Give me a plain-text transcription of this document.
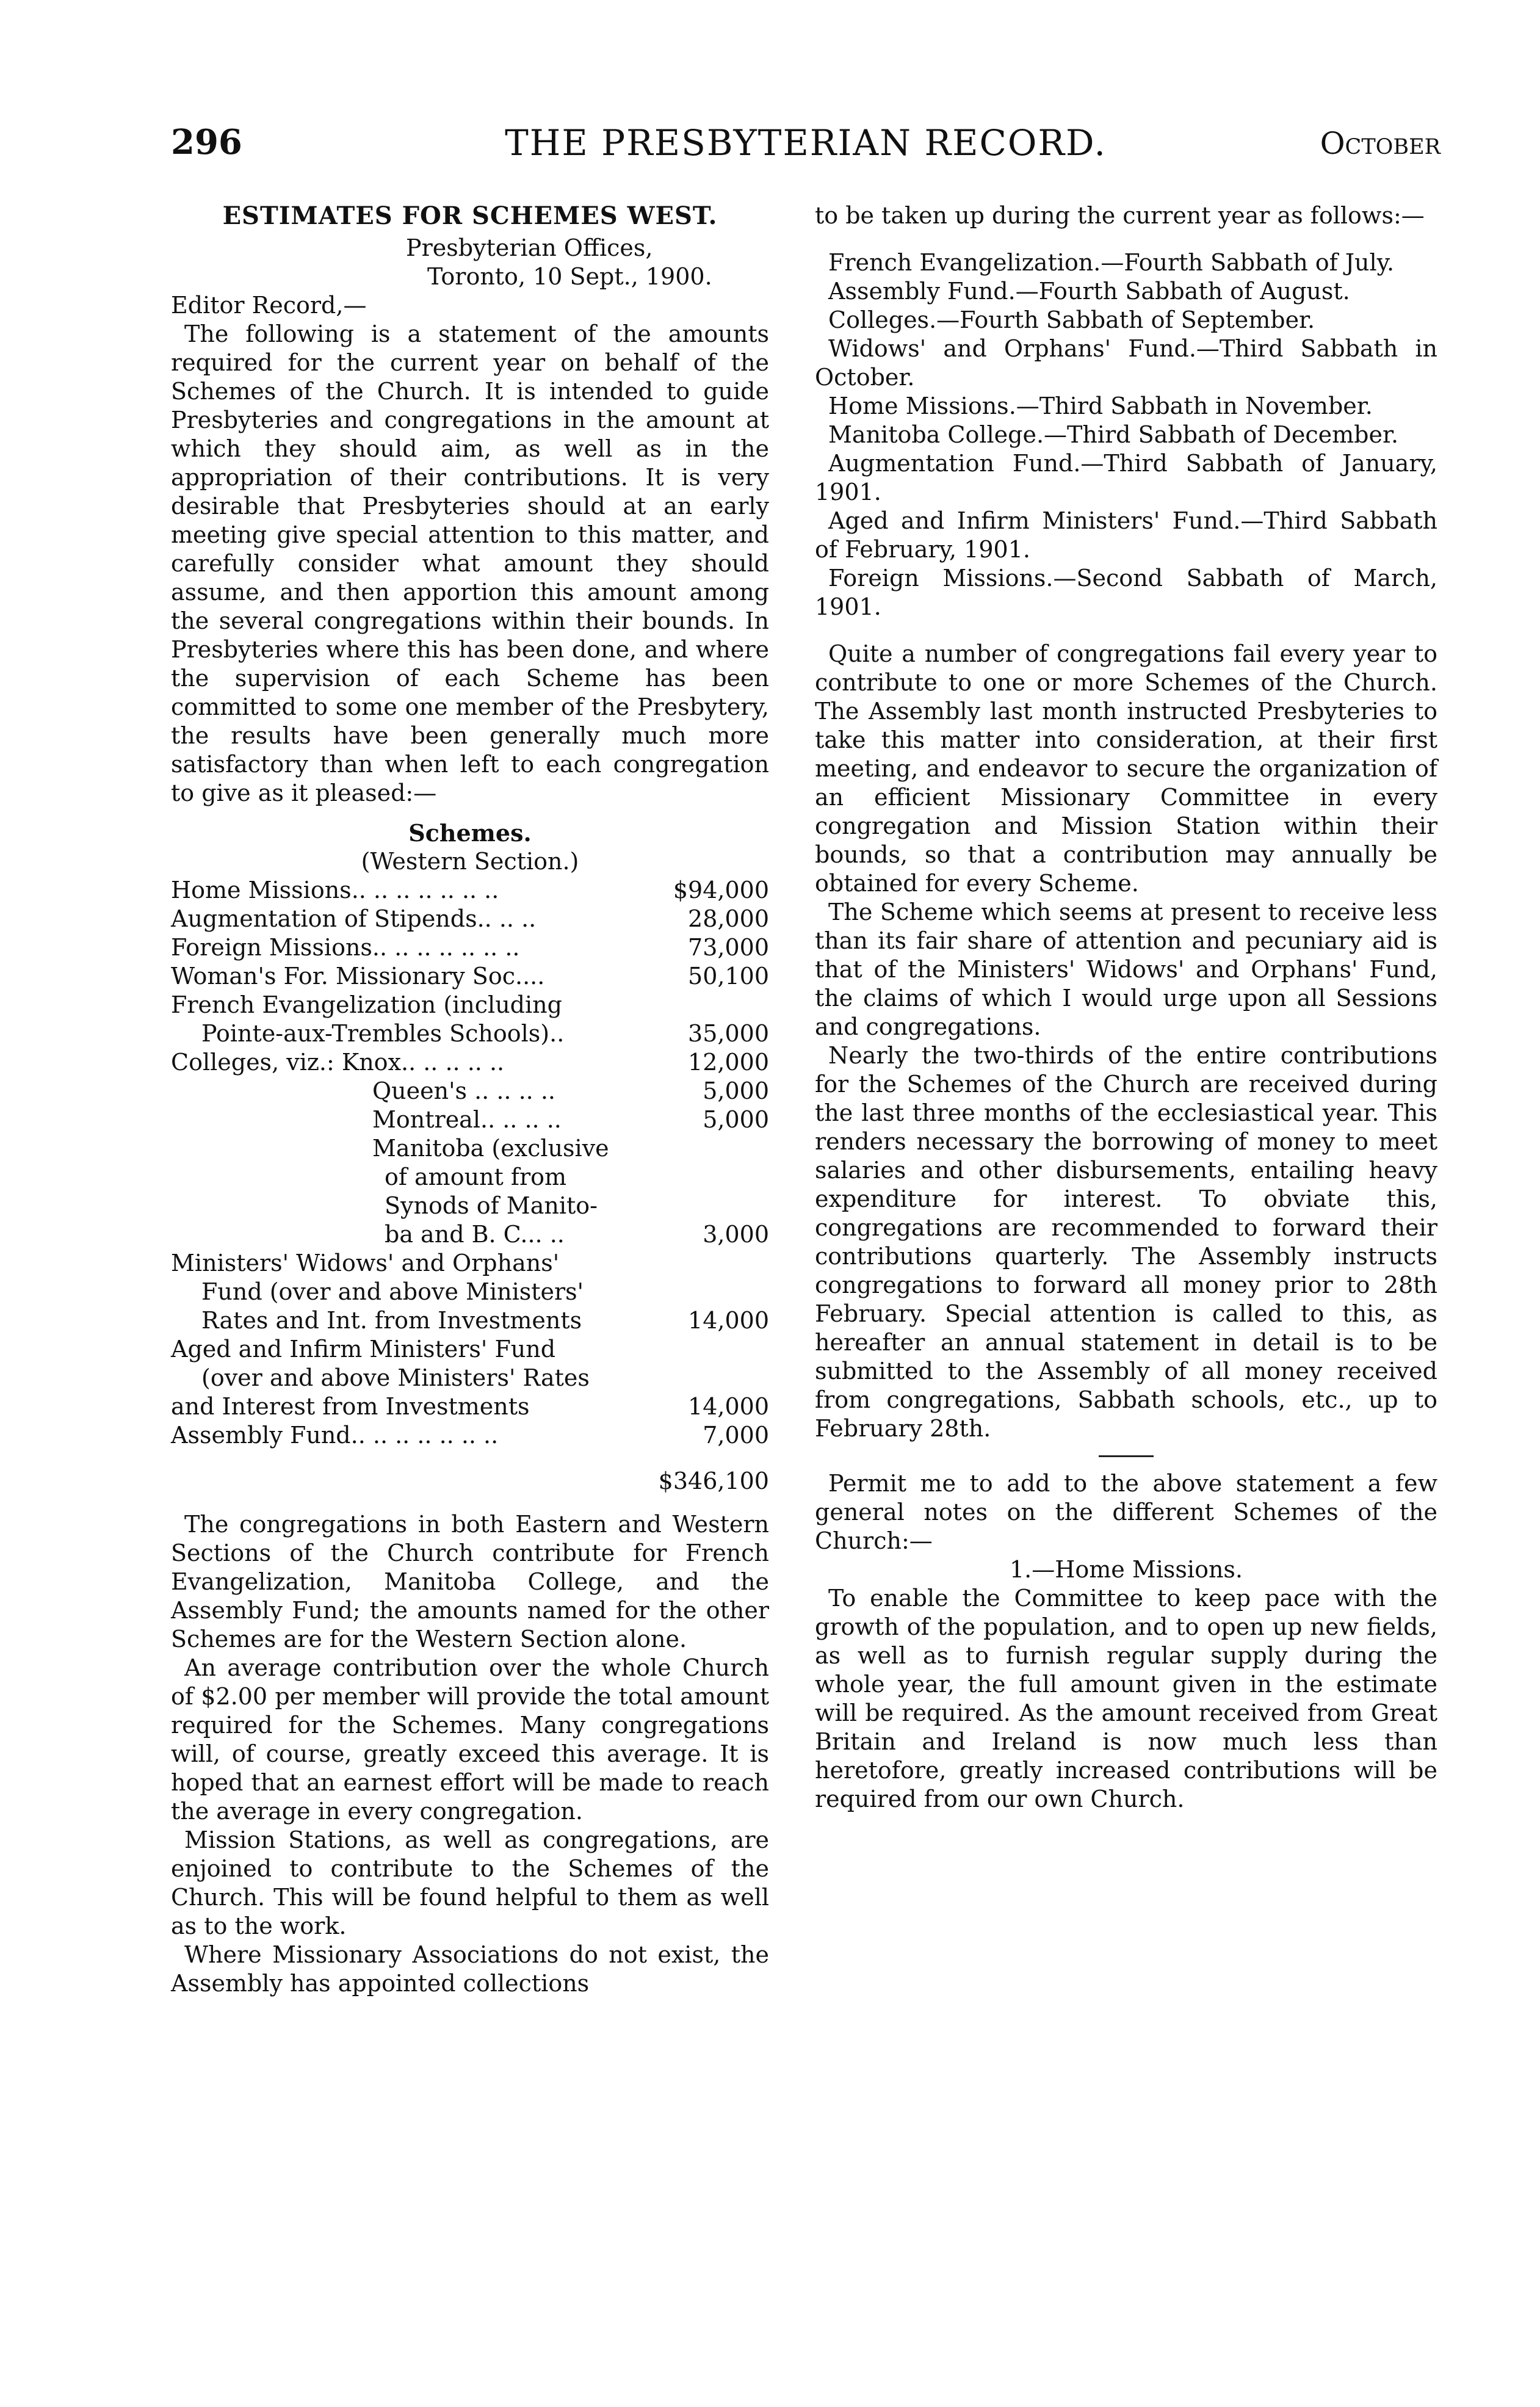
296	THE PRESBYTERIAN RECORD.	October
ESTIMATES FOR SCHEMES WEST.
Presbyterian Offices,
Toronto, 10 Sept., 1900.
Editor Record,—

The following is a statement of the amounts required for the current year on behalf of the Schemes of the Church. It is intended to guide Presbyteries and congregations in the amount at which they should aim, as well as in the appropriation of their contributions. It is very desirable that Presbyteries should at an early meeting give special attention to this matter, and carefully consider what amount they should assume, and then apportion this amount among the several congregations within their bounds. In Presbyteries where this has been done, and where the supervision of each Scheme has been committed to some one member of the Presbytery, the results have been generally much more satisfactory than when left to each congregation to give as it pleased:—

Schemes.
(Western Section.)
Home Missions.. .. .. .. .. .. ..	$94,000
Augmentation of Stipends.. .. ..	28,000
Foreign Missions.. .. .. .. .. .. ..	73,000
Woman's For. Missionary Soc....	50,100
French Evangelization (including
Pointe-aux-Trembles Schools)..	35,000
Colleges, viz.: Knox.. .. .. .. ..	12,000
Queen's .. .. .. ..	5,000
Montreal.. .. .. ..	5,000
Manitoba (exclusive
of amount from
Synods of Manito-
ba and B. C... ..	3,000
Ministers' Widows' and Orphans'
Fund (over and above Ministers'
Rates and Int. from Investments	14,000
Aged and Infirm Ministers' Fund
(over and above Ministers' Rates
and Interest from Investments	14,000
Assembly Fund.. .. .. .. .. .. ..	7,000
$346,100

The congregations in both Eastern and Western Sections of the Church contribute for French Evangelization, Manitoba College, and the Assembly Fund; the amounts named for the other Schemes are for the Western Section alone.

An average contribution over the whole Church of $2.00 per member will provide the total amount required for the Schemes. Many congregations will, of course, greatly exceed this average. It is hoped that an earnest effort will be made to reach the average in every congregation.

Mission Stations, as well as congregations, are enjoined to contribute to the Schemes of the Church. This will be found helpful to them as well as to the work.

Where Missionary Associations do not exist, the Assembly has appointed collections

to be taken up during the current year as follows:—

French Evangelization.—Fourth Sabbath of July.

Assembly Fund.—Fourth Sabbath of August.

Colleges.—Fourth Sabbath of September.

Widows' and Orphans' Fund.—Third Sabbath in October.

Home Missions.—Third Sabbath in November.

Manitoba College.—Third Sabbath of December.

Augmentation Fund.—Third Sabbath of January, 1901.

Aged and Infirm Ministers' Fund.—Third Sabbath of February, 1901.

Foreign Missions.—Second Sabbath of March, 1901.

Quite a number of congregations fail every year to contribute to one or more Schemes of the Church. The Assembly last month instructed Presbyteries to take this matter into consideration, at their first meeting, and endeavor to secure the organization of an efficient Missionary Committee in every congregation and Mission Station within their bounds, so that a contribution may annually be obtained for every Scheme.

The Scheme which seems at present to receive less than its fair share of attention and pecuniary aid is that of the Ministers' Widows' and Orphans' Fund, the claims of which I would urge upon all Sessions and congregations.

Nearly the two-thirds of the entire contributions for the Schemes of the Church are received during the last three months of the ecclesiastical year. This renders necessary the borrowing of money to meet salaries and other disbursements, entailing heavy expenditure for interest. To obviate this, congregations are recommended to forward their contributions quarterly. The Assembly instructs congregations to forward all money prior to 28th February. Special attention is called to this, as hereafter an annual statement in detail is to be submitted to the Assembly of all money received from congregations, Sabbath schools, etc., up to February 28th.

Permit me to add to the above statement a few general notes on the different Schemes of the Church:—

1.—Home Missions.

To enable the Committee to keep pace with the growth of the population, and to open up new fields, as well as to furnish regular supply during the whole year, the full amount given in the estimate will be required. As the amount received from Great Britain and Ireland is now much less than heretofore, greatly increased contributions will be required from our own Church.
